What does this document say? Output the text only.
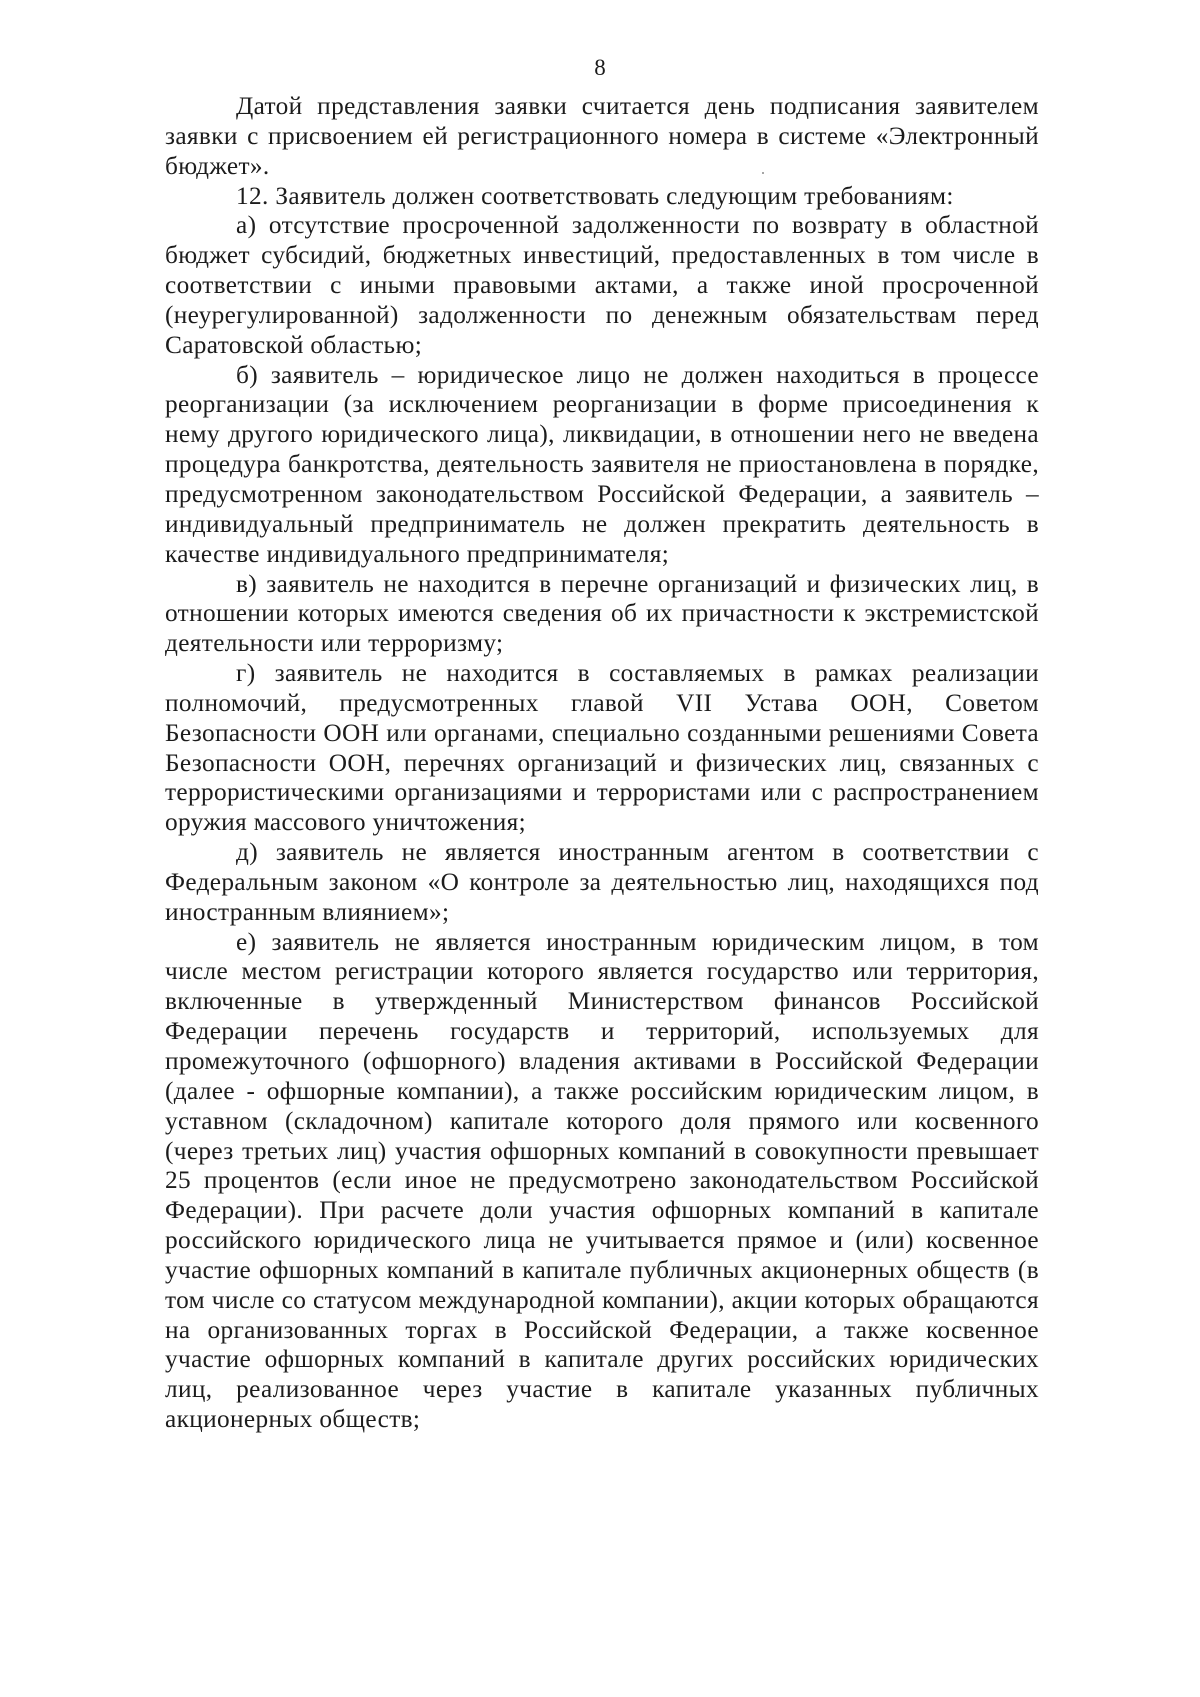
8

Датой представления заявки считается день подписания заявителем заявки с присвоением ей регистрационного номера в системе «Электронный бюджет».

12. Заявитель должен соответствовать следующим требованиям:

а) отсутствие просроченной задолженности по возврату в областной бюджет субсидий, бюджетных инвестиций, предоставленных в том числе в соответствии с иными правовыми актами, а также иной просроченной (неурегулированной) задолженности по денежным обязательствам перед Саратовской областью;

б) заявитель – юридическое лицо не должен находиться в процессе реорганизации (за исключением реорганизации в форме присоединения к нему другого юридического лица), ликвидации, в отношении него не введена процедура банкротства, деятельность заявителя не приостановлена в порядке, предусмотренном законодательством Российской Федерации, а заявитель – индивидуальный предприниматель не должен прекратить деятельность в качестве индивидуального предпринимателя;

в) заявитель не находится в перечне организаций и физических лиц, в отношении которых имеются сведения об их причастности к экстремистской деятельности или терроризму;

г) заявитель не находится в составляемых в рамках реализации полномочий, предусмотренных главой VII Устава ООН, Советом Безопасности ООН или органами, специально созданными решениями Совета Безопасности ООН, перечнях организаций и физических лиц, связанных с террористическими организациями и террористами или с распространением оружия массового уничтожения;

д) заявитель не является иностранным агентом в соответствии с Федеральным законом «О контроле за деятельностью лиц, находящихся под иностранным влиянием»;

е) заявитель не является иностранным юридическим лицом, в том числе местом регистрации которого является государство или территория, включенные в утвержденный Министерством финансов Российской Федерации перечень государств и территорий, используемых для промежуточного (офшорного) владения активами в Российской Федерации (далее - офшорные компании), а также российским юридическим лицом, в уставном (складочном) капитале которого доля прямого или косвенного (через третьих лиц) участия офшорных компаний в совокупности превышает 25 процентов (если иное не предусмотрено законодательством Российской Федерации). При расчете доли участия офшорных компаний в капитале российского юридического лица не учитывается прямое и (или) косвенное участие офшорных компаний в капитале публичных акционерных обществ (в том числе со статусом международной компании), акции которых обращаются на организованных торгах в Российской Федерации, а также косвенное участие офшорных компаний в капитале других российских юридических лиц, реализованное через участие в капитале указанных публичных акционерных обществ;
